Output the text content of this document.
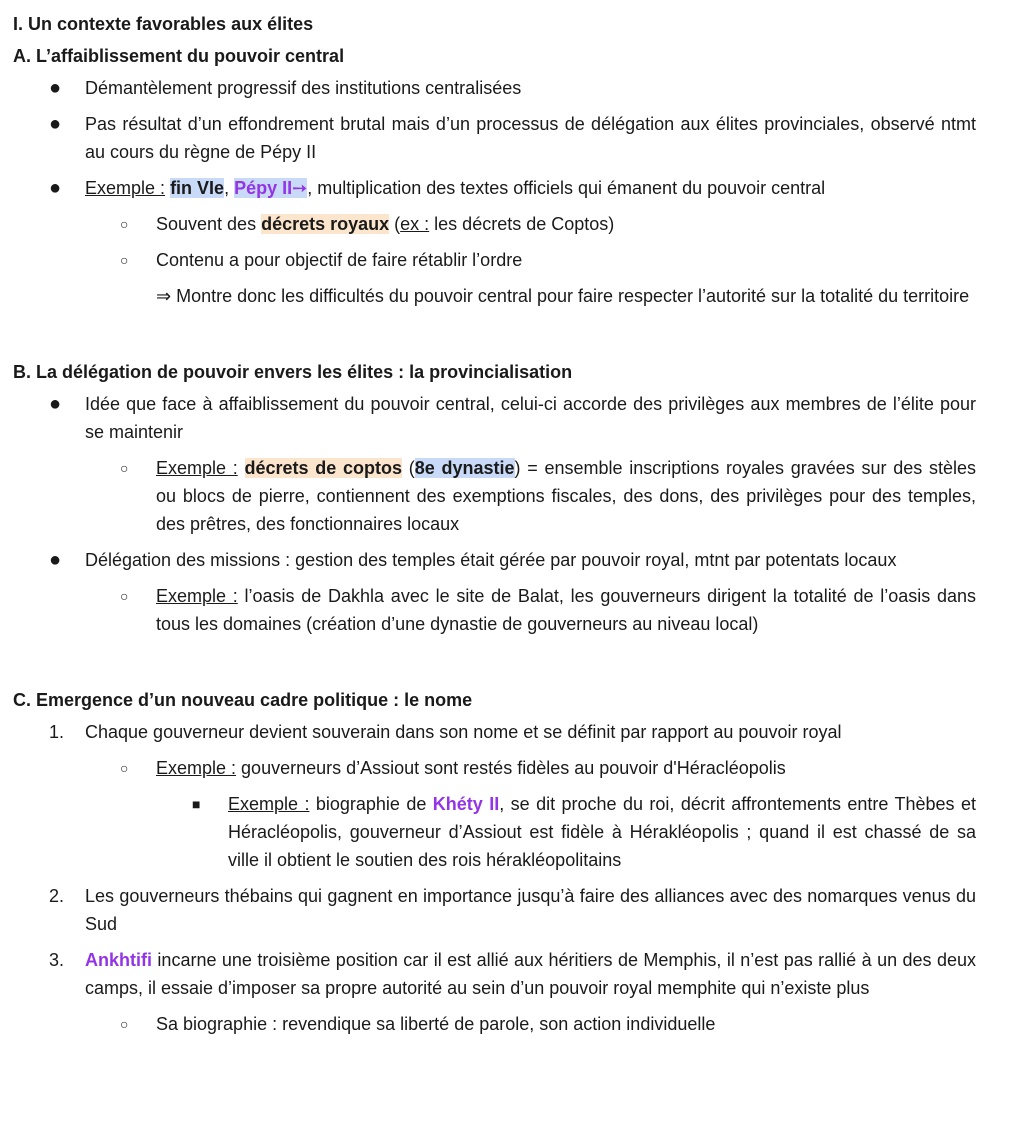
I. Un contexte favorables aux élites
A. L’affaiblissement du pouvoir central
●	Démantèlement progressif des institutions centralisées
●	Pas résultat d’un effondrement brutal mais d’un processus de délégation aux élites provinciales, observé ntmt au cours du règne de Pépy II
●	Exemple : fin VIe, Pépy II➙, multiplication des textes officiels qui émanent du pouvoir central
○	Souvent des décrets royaux (ex : les décrets de Coptos)
○	Contenu a pour objectif de faire rétablir l’ordre
⇒ Montre donc les difficultés du pouvoir central pour faire respecter l’autorité sur la totalité du territoire
B. La délégation de pouvoir envers les élites : la provincialisation
●	Idée que face à affaiblissement du pouvoir central, celui-ci accorde des privilèges aux membres de l’élite pour se maintenir
○	Exemple : décrets de coptos (8e dynastie) = ensemble inscriptions royales gravées sur des stèles ou blocs de pierre, contiennent des exemptions fiscales, des dons, des privilèges pour des temples, des prêtres, des fonctionnaires locaux
●	Délégation des missions : gestion des temples était gérée par pouvoir royal, mtnt par potentats locaux
○	Exemple : l’oasis de Dakhla avec le site de Balat, les gouverneurs dirigent la totalité de l’oasis dans tous les domaines (création d’une dynastie de gouverneurs au niveau local)
C. Emergence d’un nouveau cadre politique : le nome
1.	Chaque gouverneur devient souverain dans son nome et se définit par rapport au pouvoir royal
○	Exemple : gouverneurs d’Assiout sont restés fidèles au pouvoir d'Héracléopolis
■	Exemple : biographie de Khéty II, se dit proche du roi, décrit affrontements entre Thèbes et Héracléopolis, gouverneur d’Assiout est fidèle à Hérakléopolis ; quand il est chassé de sa ville il obtient le soutien des rois hérakléopolitains
2.	Les gouverneurs thébains qui gagnent en importance jusqu’à faire des alliances avec des nomarques venus du Sud
3.	Ankhtifi incarne une troisième position car il est allié aux héritiers de Memphis, il n’est pas rallié à un des deux camps, il essaie d’imposer sa propre autorité au sein d’un pouvoir royal memphite qui n’existe plus
○	Sa biographie : revendique sa liberté de parole, son action individuelle
